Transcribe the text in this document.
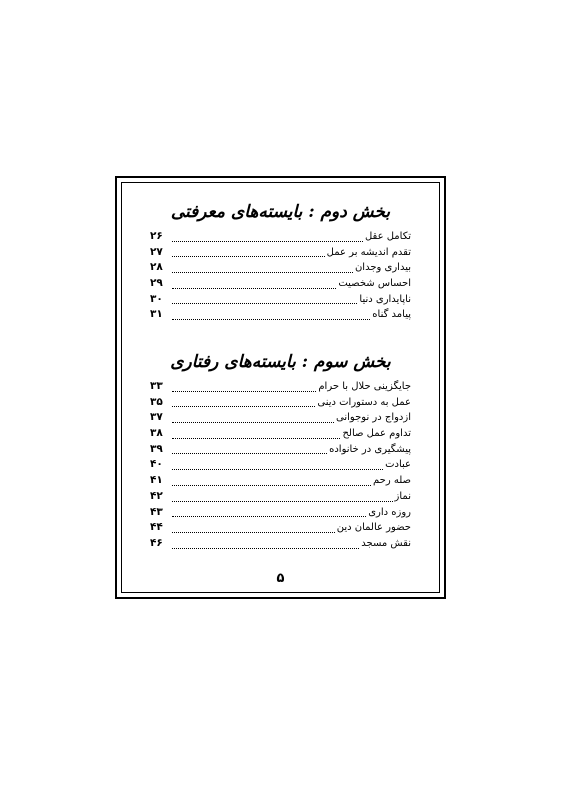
بخش دوم : بایسته‌های معرفتی
تکامل عقل
۲۶
تقدم اندیشه بر عمل
۲۷
بیداری وجدان
۲۸
احساس شخصیت
۲۹
ناپایداری دنیا
۳۰
پیامد گناه
۳۱
بخش سوم : بایسته‌های رفتاری
جایگزینی حلال با حرام
۳۳
عمل به دستورات دینی
۳۵
ازدواج در نوجوانی
۳۷
تداوم عمل صالح
۳۸
پیشگیری در خانواده
۳۹
عبادت
۴۰
صله رحم
۴۱
نماز
۴۲
روزه داری
۴۳
حضور عالمان دین
۴۴
نقش مسجد
۴۶
۵
